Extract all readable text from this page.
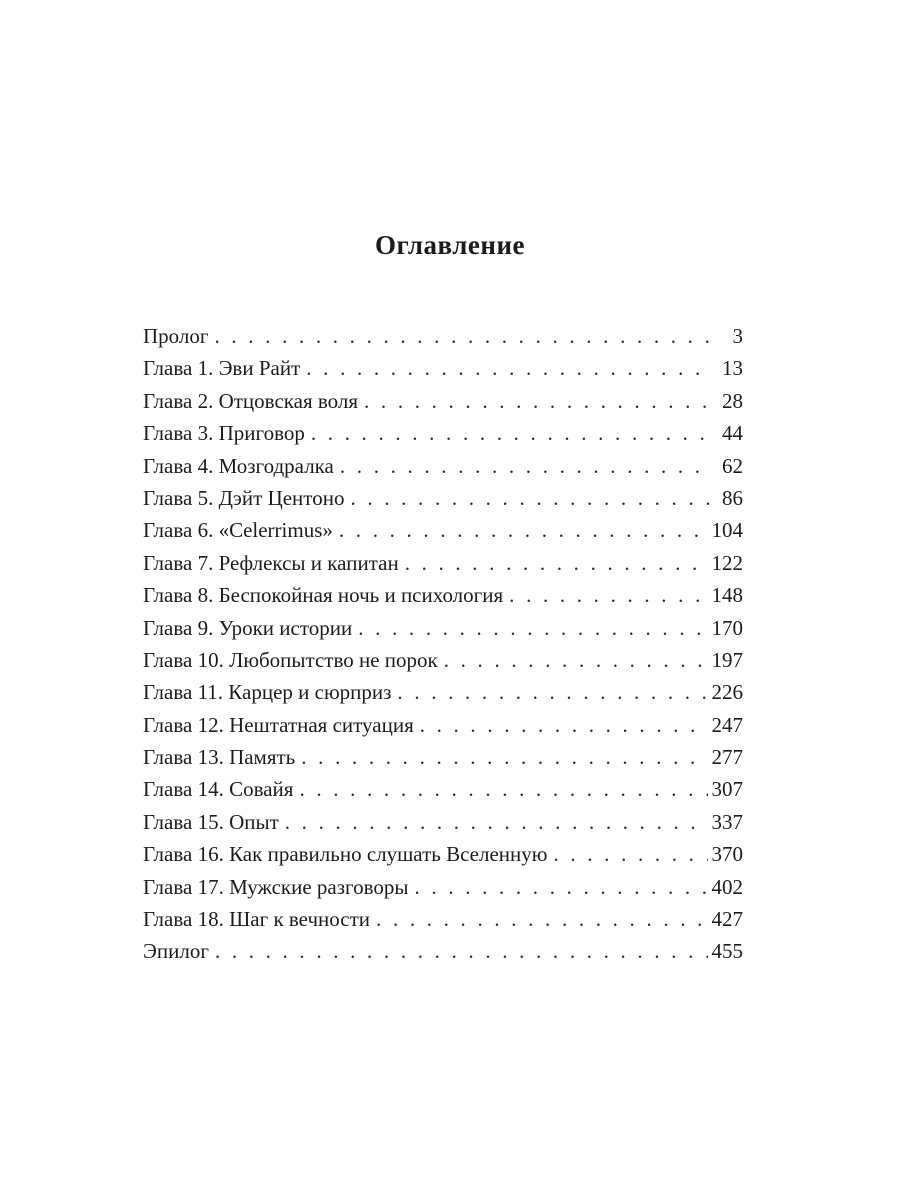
Оглавление
Пролог . . .	3
Глава 1. Эви Райт . . .	13
Глава 2. Отцовская воля . . .	28
Глава 3. Приговор . . .	44
Глава 4. Мозгодралка . . .	62
Глава 5. Дэйт Центоно . . .	86
Глава 6. «Celerrimus» . . .	104
Глава 7. Рефлексы и капитан . . .	122
Глава 8. Беспокойная ночь и психология . . .	148
Глава 9. Уроки истории . . .	170
Глава 10. Любопытство не порок . . .	197
Глава 11. Карцер и сюрприз . . .	226
Глава 12. Нештатная ситуация . . .	247
Глава 13. Память . . .	277
Глава 14. Совайя . . .	307
Глава 15. Опыт . . .	337
Глава 16. Как правильно слушать Вселенную . . .	370
Глава 17. Мужские разговоры . . .	402
Глава 18. Шаг к вечности . . .	427
Эпилог . . .	455
